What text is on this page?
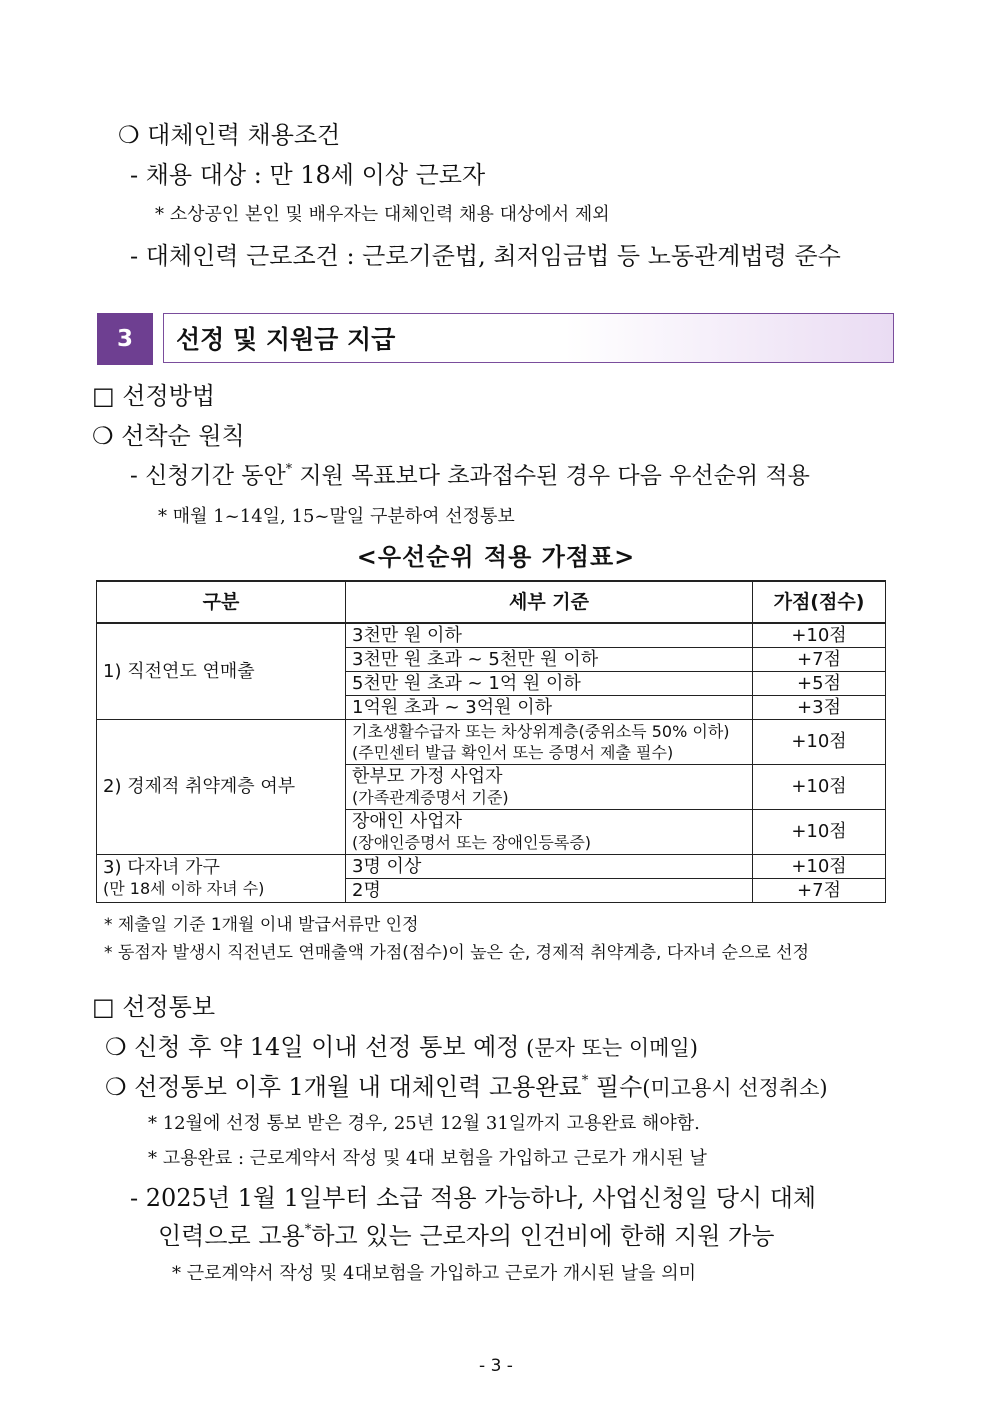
❍ 대체인력 채용조건
- 채용 대상 : 만 18세 이상 근로자
* 소상공인 본인 및 배우자는 대체인력 채용 대상에서 제외
- 대체인력 근로조건 : 근로기준법, 최저임금법 등 노동관계법령 준수
3	선정 및 지원금 지급
□ 선정방법
❍ 선착순 원칙
- 신청기간 동안* 지원 목표보다 초과접수된 경우 다음 우선순위 적용
* 매월 1~14일, 15~말일 구분하여 선정통보
<우선순위 적용 가점표>
구분	세부 기준	가점(점수)
1) 직전연도 연매출	3천만 원 이하	+10점
	3천만 원 초과 ~ 5천만 원 이하	+7점
	5천만 원 초과 ~ 1억 원 이하	+5점
	1억원 초과 ~ 3억원 이하	+3점
2) 경제적 취약계층 여부	기초생활수급자 또는 차상위계층(중위소득 50% 이하)
(주민센터 발급 확인서 또는 증명서 제출 필수)	+10점

	한부모 가정 사업자
(가족관계증명서 기준)	+10점

	장애인 사업자
(장애인증명서 또는 장애인등록증)	+10점

3) 다자녀 가구
(만 18세 이하 자녀 수)	3명 이상	+10점
	2명	+7점
* 제출일 기준 1개월 이내 발급서류만 인정
* 동점자 발생시 직전년도 연매출액 가점(점수)이 높은 순, 경제적 취약계층, 다자녀 순으로 선정
□ 선정통보
❍ 신청 후 약 14일 이내 선정 통보 예정 (문자 또는 이메일)
❍ 선정통보 이후 1개월 내 대체인력 고용완료* 필수(미고용시 선정취소)
* 12월에 선정 통보 받은 경우, 25년 12월 31일까지 고용완료 해야함.
* 고용완료 : 근로계약서 작성 및 4대 보험을 가입하고 근로가 개시된 날
- 2025년 1월 1일부터 소급 적용 가능하나, 사업신청일 당시 대체
인력으로 고용*하고 있는 근로자의 인건비에 한해 지원 가능
* 근로계약서 작성 및 4대보험을 가입하고 근로가 개시된 날을 의미
- 3 -
